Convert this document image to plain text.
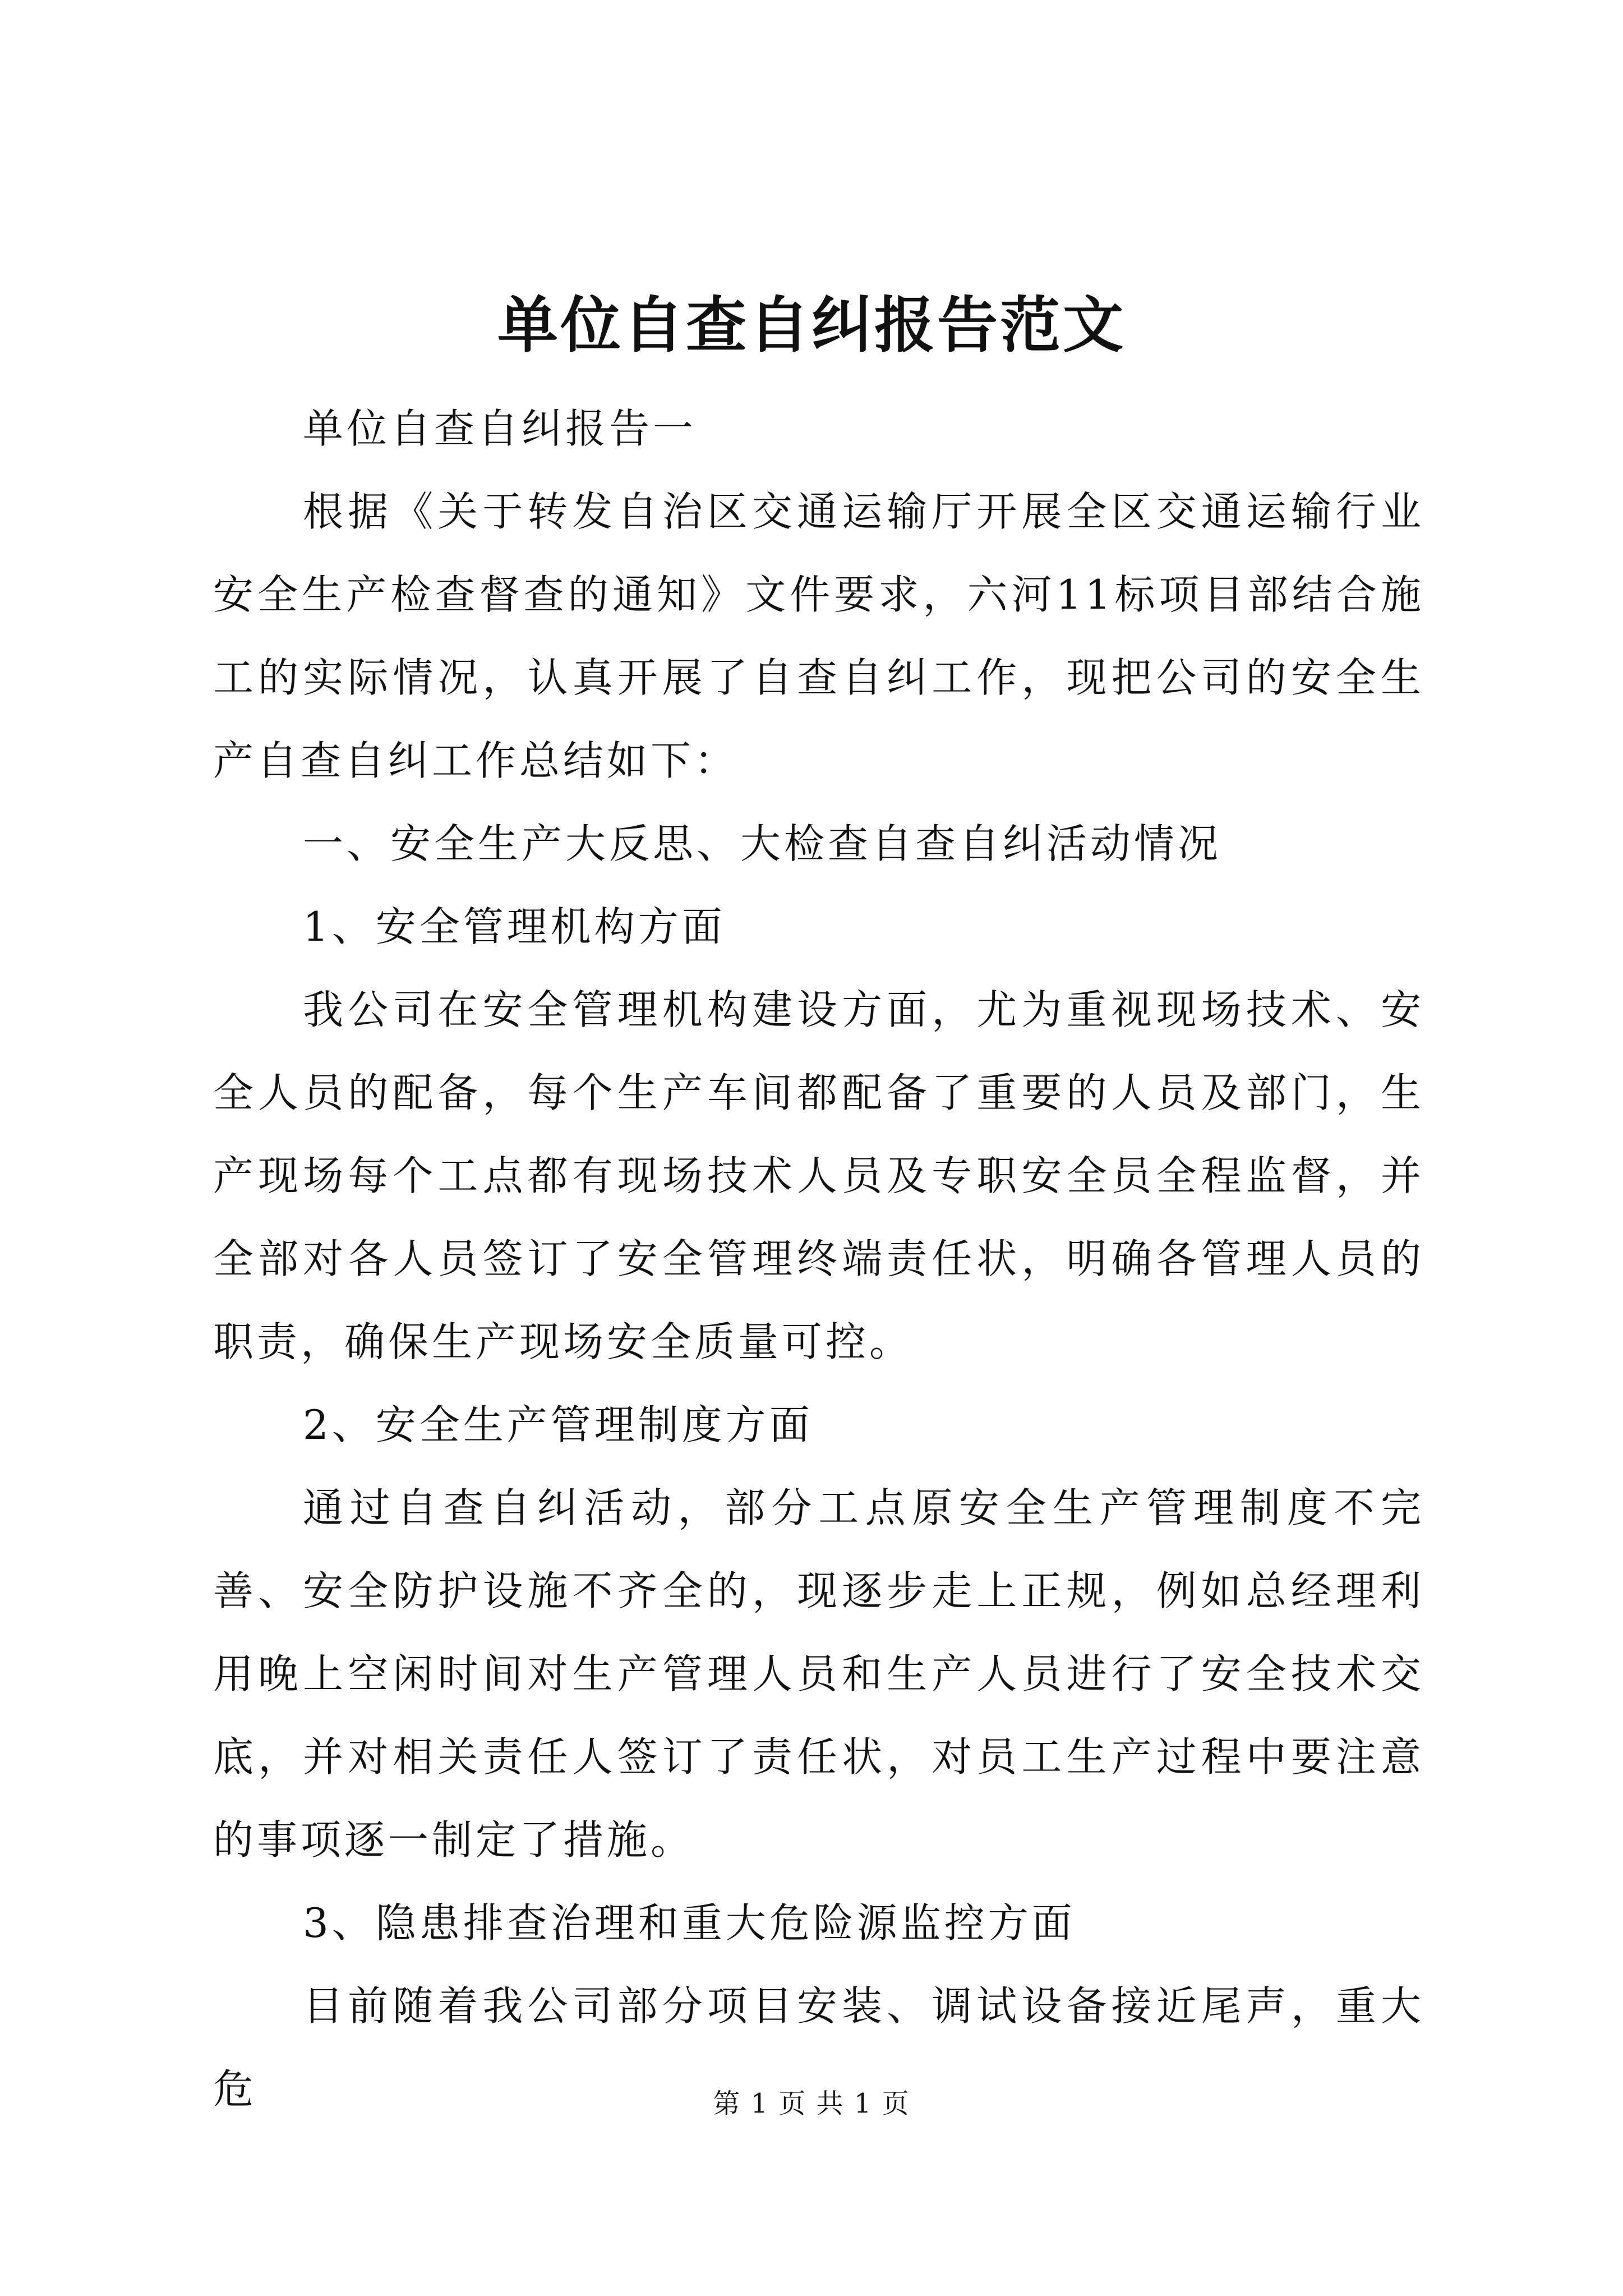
单位自查自纠报告范文

单位自查自纠报告一

根据《关于转发自治区交通运输厅开展全区交通运输行业安全生产检查督查的通知》文件要求，六河11标项目部结合施工的实际情况，认真开展了自查自纠工作，现把公司的安全生产自查自纠工作总结如下：

一、安全生产大反思、大检查自查自纠活动情况

1、安全管理机构方面

我公司在安全管理机构建设方面，尤为重视现场技术、安全人员的配备，每个生产车间都配备了重要的人员及部门，生产现场每个工点都有现场技术人员及专职安全员全程监督，并全部对各人员签订了安全管理终端责任状，明确各管理人员的职责，确保生产现场安全质量可控。

2、安全生产管理制度方面

通过自查自纠活动，部分工点原安全生产管理制度不完善、安全防护设施不齐全的，现逐步走上正规，例如总经理利用晚上空闲时间对生产管理人员和生产人员进行了安全技术交底，并对相关责任人签订了责任状，对员工生产过程中要注意的事项逐一制定了措施。

3、隐患排查治理和重大危险源监控方面

目前随着我公司部分项目安装、调试设备接近尾声，重大危	第 1 页 共 1 页
